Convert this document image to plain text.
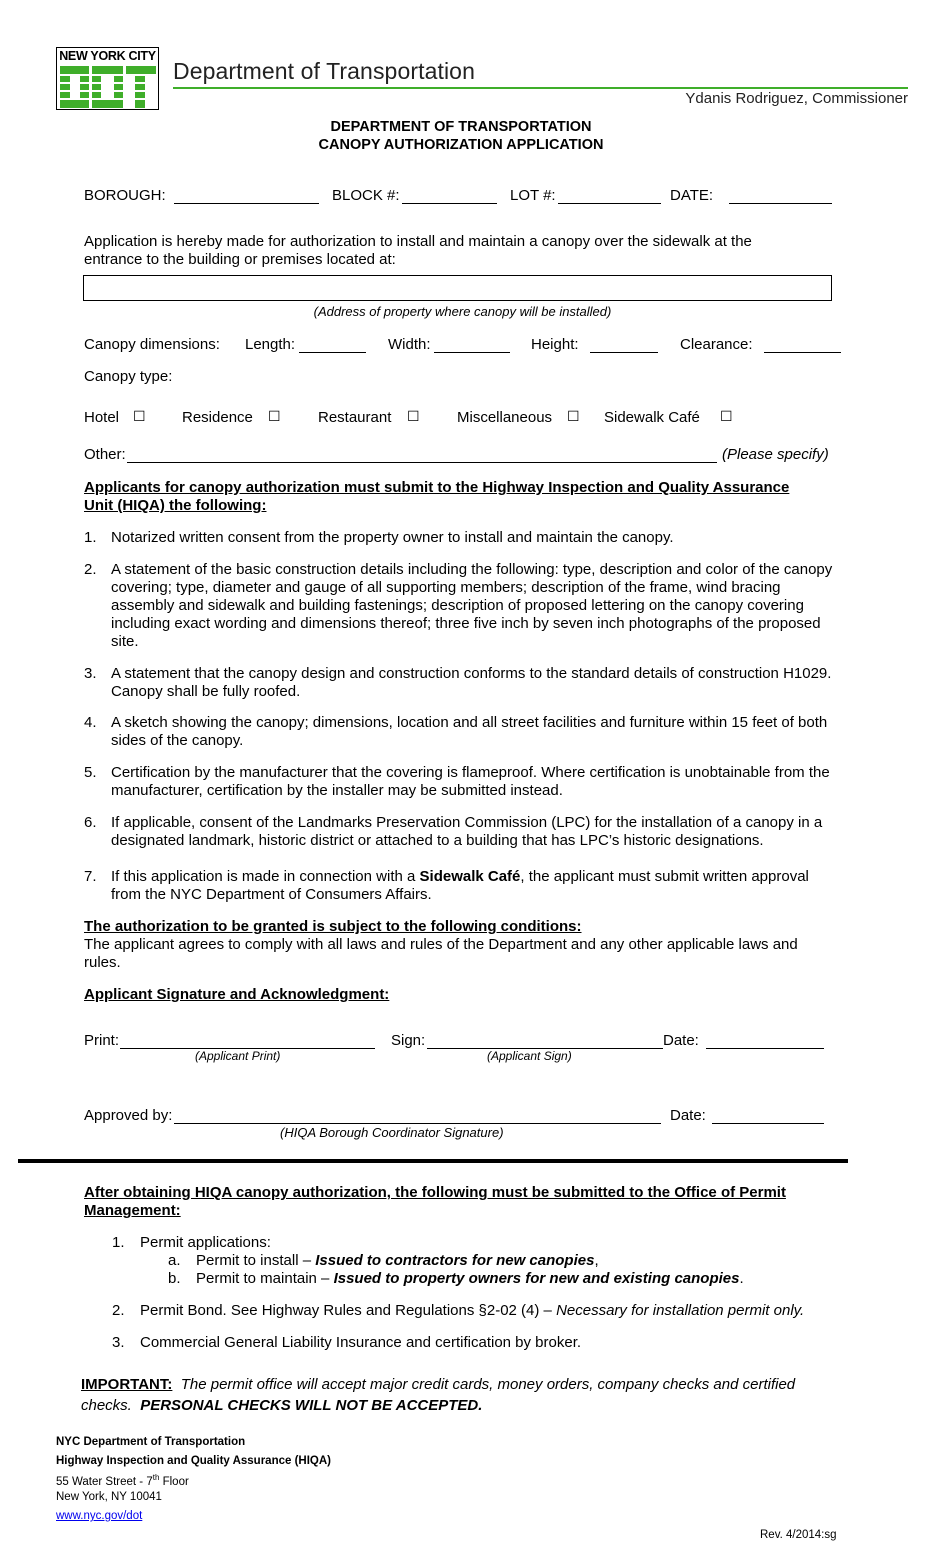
NEW YORK CITY
DOT
Department of Transportation
Ydanis Rodriguez, Commissioner
DEPARTMENT OF TRANSPORTATION
CANOPY AUTHORIZATION APPLICATION
BOROUGH:	BLOCK #:	LOT #:	DATE:
Application is hereby made for authorization to install and maintain a canopy over the sidewalk at the
entrance to the building or premises located at:
(Address of property where canopy will be installed)
Canopy dimensions: Length:	Width:	Height:	Clearance:
Canopy type:
Hotel ☐ Residence ☐ Restaurant ☐ Miscellaneous ☐ Sidewalk Café ☐
Other:	(Please specify)
Applicants for canopy authorization must submit to the Highway Inspection and Quality Assurance
Unit (HIQA) the following:
1. Notarized written consent from the property owner to install and maintain the canopy.
2. A statement of the basic construction details including the following: type, description and color of the canopy covering; type, diameter and gauge of all supporting members; description of the frame, wind bracing assembly and sidewalk and building fastenings; description of proposed lettering on the canopy covering including exact wording and dimensions thereof; three five inch by seven inch photographs of the proposed site.
3. A statement that the canopy design and construction conforms to the standard details of construction H1029. Canopy shall be fully roofed.
4. A sketch showing the canopy; dimensions, location and all street facilities and furniture within 15 feet of both sides of the canopy.
5. Certification by the manufacturer that the covering is flameproof. Where certification is unobtainable from the manufacturer, certification by the installer may be submitted instead.
6. If applicable, consent of the Landmarks Preservation Commission (LPC) for the installation of a canopy in a designated landmark, historic district or attached to a building that has LPC’s historic designations.
7. If this application is made in connection with a Sidewalk Café, the applicant must submit written approval from the NYC Department of Consumers Affairs.
The authorization to be granted is subject to the following conditions:
The applicant agrees to comply with all laws and rules of the Department and any other applicable laws and rules.
Applicant Signature and Acknowledgment:
Print:	Sign:	Date:
(Applicant Print)	(Applicant Sign)
Approved by:	Date:
(HIQA Borough Coordinator Signature)
After obtaining HIQA canopy authorization, the following must be submitted to the Office of Permit
Management:
1. Permit applications:
a. Permit to install – Issued to contractors for new canopies,
b. Permit to maintain – Issued to property owners for new and existing canopies.
2. Permit Bond. See Highway Rules and Regulations §2-02 (4) – Necessary for installation permit only.
3. Commercial General Liability Insurance and certification by broker.
IMPORTANT:  The permit office will accept major credit cards, money orders, company checks and certified
checks.  PERSONAL CHECKS WILL NOT BE ACCEPTED.
NYC Department of Transportation
Highway Inspection and Quality Assurance (HIQA)
55 Water Street - 7th Floor
New York, NY 10041
www.nyc.gov/dot
Rev. 4/2014:sg
